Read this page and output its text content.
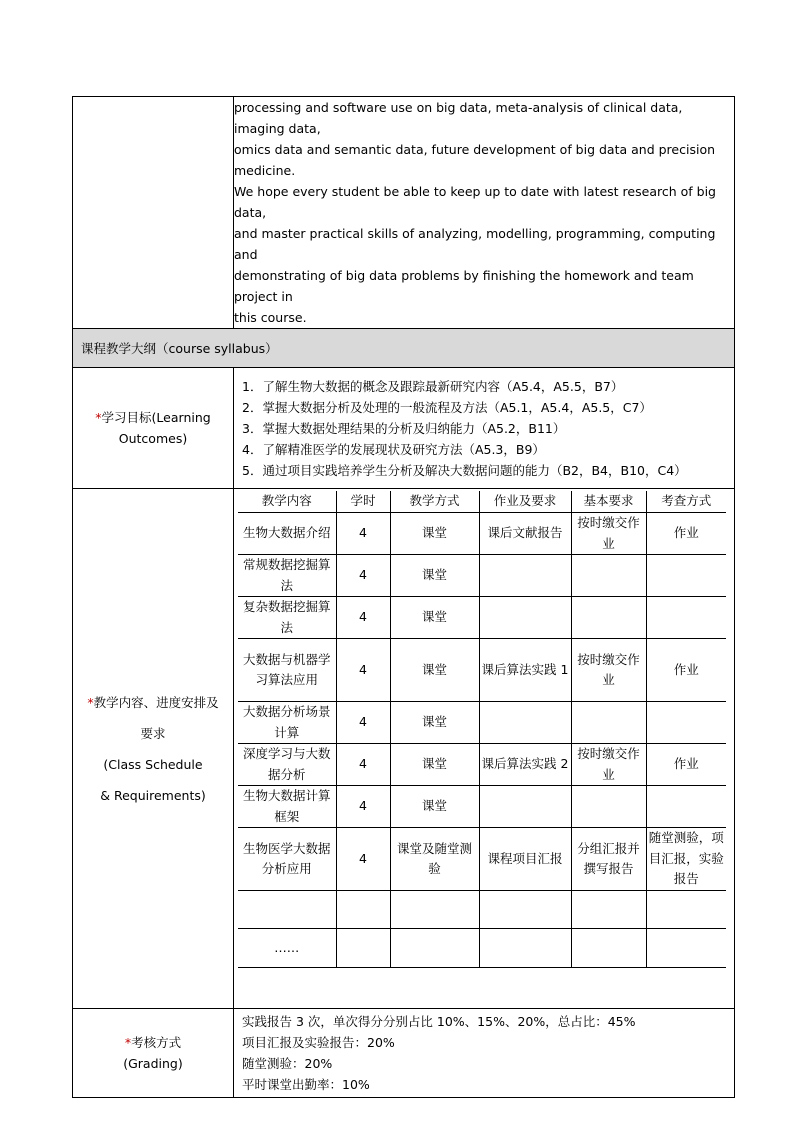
processing and software use on big data, meta-analysis of clinical data, imaging data,
omics data and semantic data, future development of big data and precision
medicine.
We hope every student be able to keep up to date with latest research of big data,
and master practical skills of analyzing, modelling, programming, computing and
demonstrating of big data problems by finishing the homework and team project in
this course.

课程教学大纲（course syllabus）

*学习目标(Learning
Outcomes)

1．了解生物大数据的概念及跟踪最新研究内容（A5.4，A5.5，B7）
2．掌握大数据分析及处理的一般流程及方法（A5.1，A5.4，A5.5，C7）
3．掌握大数据处理结果的分析及归纳能力（A5.2，B11）
4．了解精准医学的发展现状及研究方法（A5.3，B9）
5．通过项目实践培养学生分析及解决大数据问题的能力（B2，B4，B10，C4）

*教学内容、进度安排及
要求
(Class Schedule
& Requirements)

教学内容	学时	教学方式	作业及要求	基本要求	考查方式
生物大数据介绍	4	课堂	课后文献报告	按时缴交作业	作业
常规数据挖掘算法	4	课堂			
复杂数据挖掘算法	4	课堂			
大数据与机器学习算法应用	4	课堂	课后算法实践 1	按时缴交作业	作业
大数据分析场景计算	4	课堂			
深度学习与大数据分析	4	课堂	课后算法实践 2	按时缴交作业	作业
生物大数据计算框架	4	课堂			
生物医学大数据分析应用	4	课堂及随堂测验	课程项目汇报	分组汇报并撰写报告	随堂测验，项目汇报，实验报告

……					

*考核方式
(Grading)

实践报告 3 次，单次得分分别占比 10%、15%、20%，总占比：45%
项目汇报及实验报告：20%
随堂测验：20%
平时课堂出勤率：10%
